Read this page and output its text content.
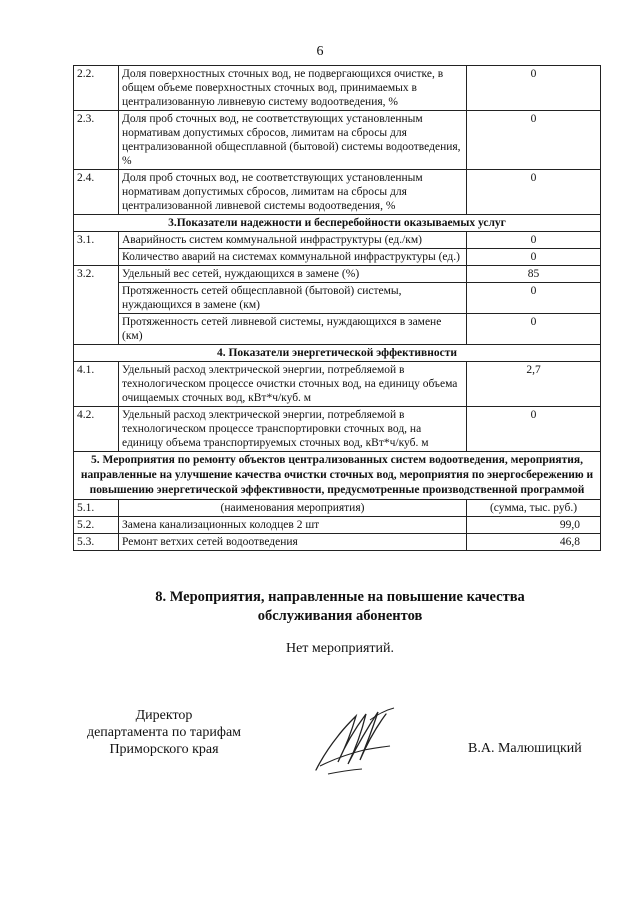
6
2.2.	Доля поверхностных сточных вод, не подвергающихся очистке, в общем объеме поверхностных сточных вод, принимаемых в централизованную ливневую систему водоотведения, %	0
2.3.	Доля проб сточных вод, не соответствующих установленным нормативам допустимых сбросов, лимитам на сбросы для централизованной общесплавной (бытовой) системы водоотведения, %	0
2.4.	Доля проб сточных вод, не соответствующих установленным нормативам допустимых сбросов, лимитам на сбросы для централизованной ливневой системы водоотведения, %	0
3.Показатели надежности и бесперебойности оказываемых услуг		
3.1.	Аварийность систем коммунальной инфраструктуры (ед./км)	0
	Количество аварий на системах коммунальной инфраструктуры (ед.)	0
3.2.	Удельный вес сетей, нуждающихся в замене (%)	85
	Протяженность сетей общесплавной (бытовой) системы, нуждающихся в замене (км)	0
	Протяженность сетей ливневой системы, нуждающихся в замене (км)	0
4. Показатели энергетической эффективности		
4.1.	Удельный расход электрической энергии, потребляемой в технологическом процессе очистки сточных вод, на единицу объема очищаемых сточных вод, кВт*ч/куб. м	2,7
4.2.	Удельный расход электрической энергии, потребляемой в технологическом процессе транспортировки сточных вод, на единицу объема транспортируемых сточных вод, кВт*ч/куб. м	0
5. Мероприятия по ремонту объектов централизованных систем водоотведения, мероприятия, направленные на улучшение качества очистки сточных вод, мероприятия по энергосбережению и повышению энергетической эффективности, предусмотренные производственной программой		
5.1.	(наименования мероприятия)	(сумма, тыс. руб.)
5.2.	Замена канализационных колодцев 2 шт	99,0
5.3.	Ремонт ветхих сетей водоотведения	46,8
8. Мероприятия, направленные на повышение качества
обслуживания абонентов
Нет мероприятий.
Директор
департамента по тарифам
Приморского края	В.А. Малюшицкий
